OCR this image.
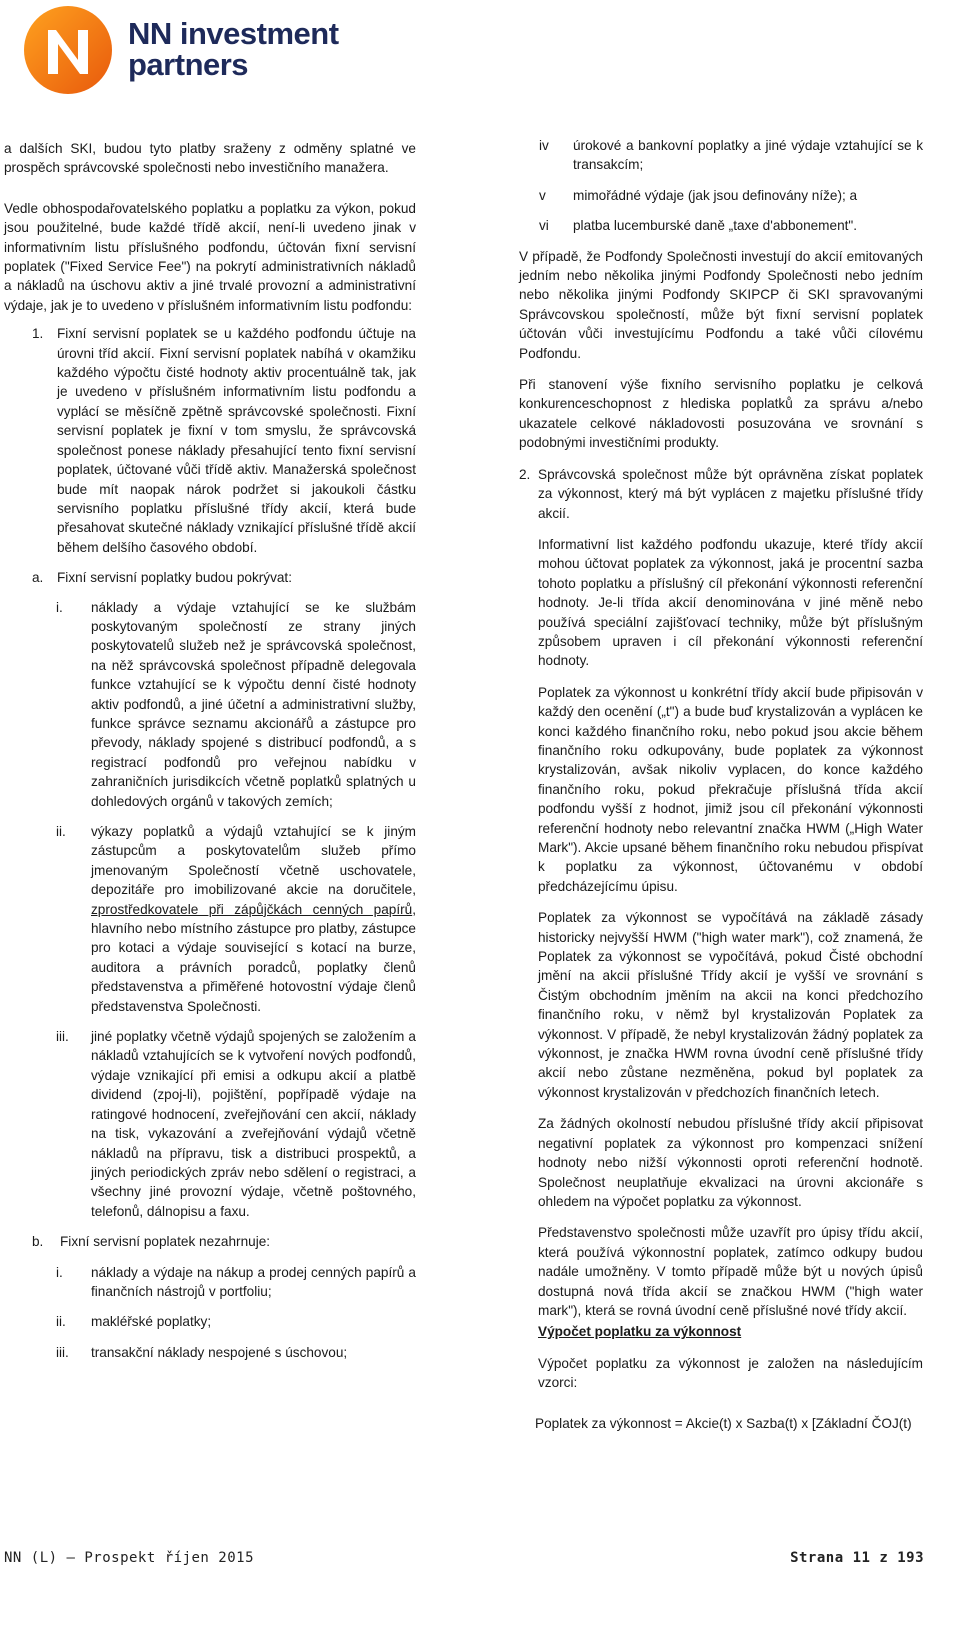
NN investment
partners

a dalších SKI, budou tyto platby sraženy z odměny splatné ve prospěch správcovské společnosti nebo investičního manažera.

Vedle obhospodařovatelského poplatku a poplatku za výkon, pokud jsou použitelné, bude každé třídě akcií, není-li uvedeno jinak v informativním listu příslušného podfondu, účtován fixní servisní poplatek ("Fixed Service Fee") na pokrytí administrativních nákladů a nákladů na úschovu aktiv a jiné trvalé provozní a administrativní výdaje, jak je to uvedeno v příslušném informativním listu podfondu:

1. Fixní servisní poplatek se u každého podfondu účtuje na úrovni tříd akcií. Fixní servisní poplatek nabíhá v okamžiku každého výpočtu čisté hodnoty aktiv procentuálně tak, jak je uvedeno v příslušném informativním listu podfondu a vyplácí se měsíčně zpětně správcovské společnosti. Fixní servisní poplatek je fixní v tom smyslu, že správcovská společnost ponese náklady přesahující tento fixní servisní poplatek, účtované vůči třídě aktiv. Manažerská společnost bude mít naopak nárok podržet si jakoukoli částku servisního poplatku příslušné třídy akcií, která bude přesahovat skutečné náklady vznikající příslušné třídě akcií během delšího časového období.

a. Fixní servisní poplatky budou pokrývat:

i. náklady a výdaje vztahující se ke službám poskytovaným společností ze strany jiných poskytovatelů služeb než je správcovská společnost, na něž správcovská společnost případně delegovala funkce vztahující se k výpočtu denní čisté hodnoty aktiv podfondů, a jiné účetní a administrativní služby, funkce správce seznamu akcionářů a zástupce pro převody, náklady spojené s distribucí podfondů, a s registrací podfondů pro veřejnou nabídku v zahraničních jurisdikcích včetně poplatků splatných u dohledových orgánů v takových zemích;

ii. výkazy poplatků a výdajů vztahující se k jiným zástupcům a poskytovatelům služeb přímo jmenovaným Společností včetně uschovatele, depozitáře pro imobilizované akcie na doručitele, zprostředkovatele při zápůjčkách cenných papírů, hlavního nebo místního zástupce pro platby, zástupce pro kotaci a výdaje související s kotací na burze, auditora a právních poradců, poplatky členů představenstva a přiměřené hotovostní výdaje členů představenstva Společnosti.

iii. jiné poplatky včetně výdajů spojených se založením a nákladů vztahujících se k vytvoření nových podfondů, výdaje vznikající při emisi a odkupu akcií a platbě dividend (zpoj-li), pojištění, popřípadě výdaje na ratingové hodnocení, zveřejňování cen akcií, náklady na tisk, vykazování a zveřejňování výdajů včetně nákladů na přípravu, tisk a distribuci prospektů, a jiných periodických zpráv nebo sdělení o registraci, a všechny jiné provozní výdaje, včetně poštovného, telefonů, dálnopisu a faxu.

b. Fixní servisní poplatek nezahrnuje:

i. náklady a výdaje na nákup a prodej cenných papírů a finančních nástrojů v portfoliu;

ii. makléřské poplatky;

iii. transakční náklady nespojené s úschovou;

iv úrokové a bankovní poplatky a jiné výdaje vztahující se k transakcím;

v mimořádné výdaje (jak jsou definovány níže); a

vi platba lucemburské daně „taxe d'abbonement".

V případě, že Podfondy Společnosti investují do akcií emitovaných jedním nebo několika jinými Podfondy Společnosti nebo jedním nebo několika jinými Podfondy SKIPCP či SKI spravovanými Správcovskou společností, může být fixní servisní poplatek účtován vůči investujícímu Podfondu a také vůči cílovému Podfondu.

Při stanovení výše fixního servisního poplatku je celková konkurenceschopnost z hlediska poplatků za správu a/nebo ukazatele celkové nákladovosti posuzována ve srovnání s podobnými investičními produkty.

2. Správcovská společnost může být oprávněna získat poplatek za výkonnost, který má být vyplácen z majetku příslušné třídy akcií.

Informativní list každého podfondu ukazuje, které třídy akcií mohou účtovat poplatek za výkonnost, jaká je procentní sazba tohoto poplatku a příslušný cíl překonání výkonnosti referenční hodnoty. Je-li třída akcií denominována v jiné měně nebo používá speciální zajišťovací techniky, může být příslušným způsobem upraven i cíl překonání výkonnosti referenční hodnoty.

Poplatek za výkonnost u konkrétní třídy akcií bude připisován v každý den ocenění („t") a bude buď krystalizován a vyplácen ke konci každého finančního roku, nebo pokud jsou akcie během finančního roku odkupovány, bude poplatek za výkonnost krystalizován, avšak nikoliv vyplacen, do konce každého finančního roku, pokud překračuje příslušná třída akcií podfondu vyšší z hodnot, jimiž jsou cíl překonání výkonnosti referenční hodnoty nebo relevantní značka HWM („High Water Mark"). Akcie upsané během finančního roku nebudou přispívat k poplatku za výkonnost, účtovanému v období předcházejícímu úpisu.

Poplatek za výkonnost se vypočítává na základě zásady historicky nejvyšší HWM ("high water mark"), což znamená, že Poplatek za výkonnost se vypočítává, pokud Čisté obchodní jmění na akcii příslušné Třídy akcií je vyšší ve srovnání s Čistým obchodním jměním na akcii na konci předchozího finančního roku, v němž byl krystalizován Poplatek za výkonnost. V případě, že nebyl krystalizován žádný poplatek za výkonnost, je značka HWM rovna úvodní ceně příslušné třídy akcií nebo zůstane nezměněna, pokud byl poplatek za výkonnost krystalizován v předchozích finančních letech.

Za žádných okolností nebudou příslušné třídy akcií připisovat negativní poplatek za výkonnost pro kompenzaci snížení hodnoty nebo nižší výkonnosti oproti referenční hodnotě. Společnost neuplatňuje ekvalizaci na úrovni akcionáře s ohledem na výpočet poplatku za výkonnost.

Představenstvo společnosti může uzavřít pro úpisy třídu akcií, která používá výkonnostní poplatek, zatímco odkupy budou nadále umožněny. V tomto případě může být u nových úpisů dostupná nová třída akcií se značkou HWM ("high water mark"), která se rovná úvodní ceně příslušné nové třídy akcií.

Výpočet poplatku za výkonnost

Výpočet poplatku za výkonnost je založen na následujícím vzorci:

Poplatek za výkonnost = Akcie(t) x Sazba(t) x [Základní ČOJ(t)

NN (L) – Prospekt říjen 2015	Strana 11 z 193
